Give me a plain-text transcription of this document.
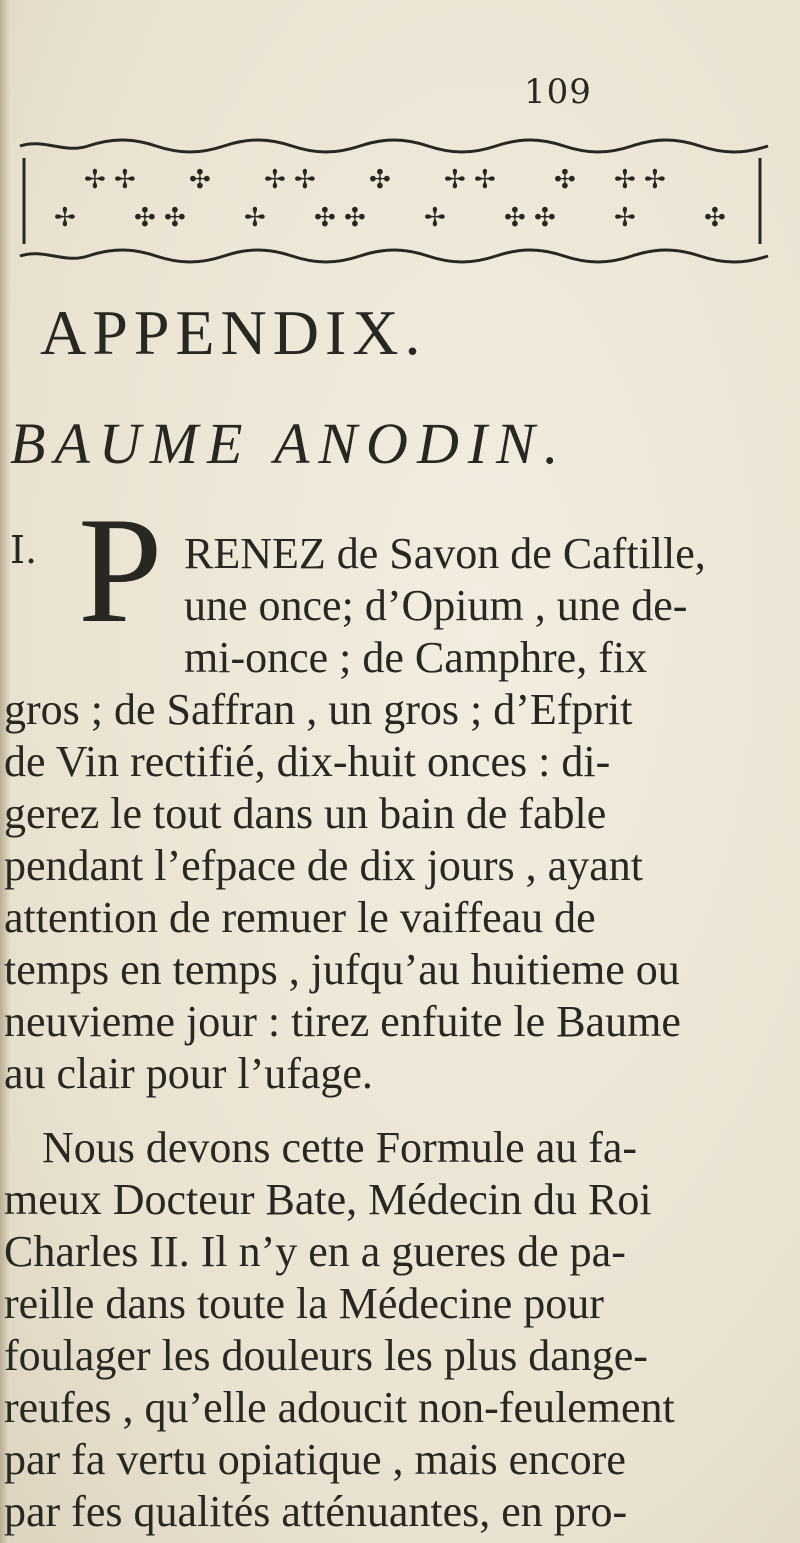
109
✢ ✢ ✣ ✢ ✢ ✣ ✢ ✢ ✣ ✢ ✢
✢ ✣ ✣ ✢ ✣ ✣ ✢ ✣ ✣ ✢	✣
APPENDIX.
BAUME ANODIN.
I. P RENEZ de Savon de Caftille,
une once; d’Opium , une de-
mi-once ; de Camphre, fix
gros ; de Saffran , un gros ; d’Efprit
de Vin rectifié, dix-huit onces : di-
gerez le tout dans un bain de fable
pendant l’efpace de dix jours , ayant
attention de remuer le vaiffeau de
temps en temps , jufqu’au huitieme ou
neuvieme jour : tirez enfuite le Baume
au clair pour l’ufage.
Nous devons cette Formule au fa-
meux Docteur Bate, Médecin du Roi
Charles II. Il n’y en a gueres de pa-
reille dans toute la Médecine pour
foulager les douleurs les plus dange-
reufes , qu’elle adoucit non-feulement
par fa vertu opiatique , mais encore
par fes qualités atténuantes, en pro-
